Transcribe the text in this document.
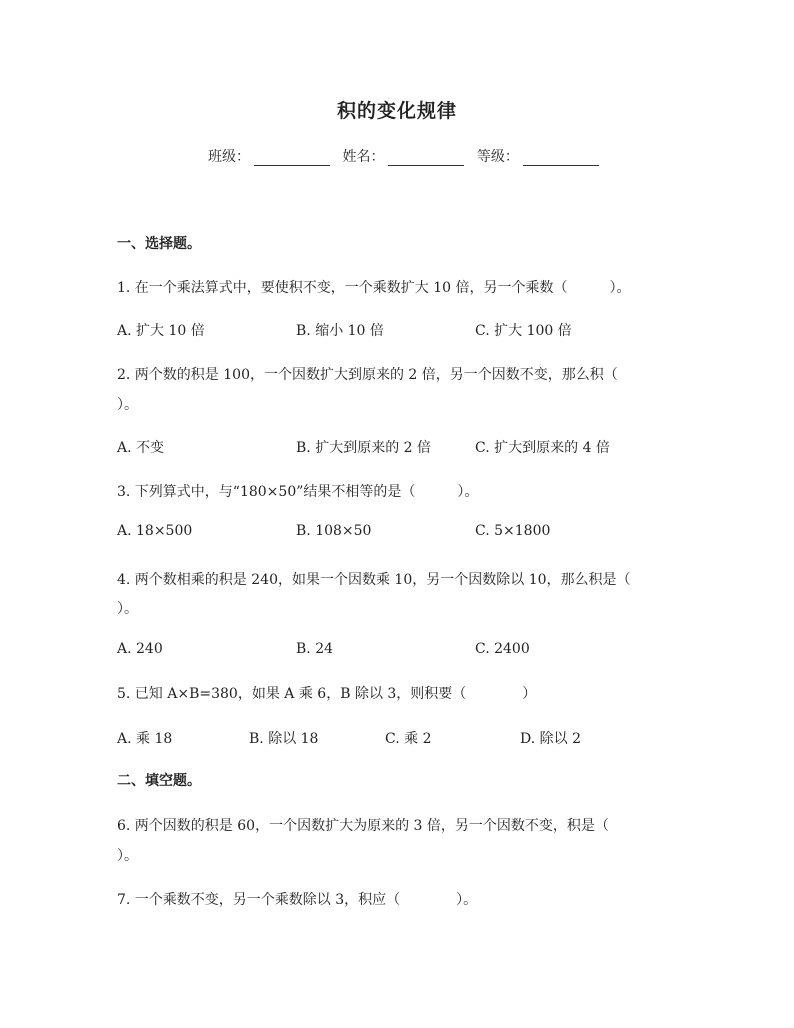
积的变化规律
班级：	姓名：	等级：
一、选择题。
1. 在一个乘法算式中，要使积不变，一个乘数扩大 10 倍，另一个乘数（　　　）。
A. 扩大 10 倍	B. 缩小 10 倍	C. 扩大 100 倍
2. 两个数的积是 100，一个因数扩大到原来的 2 倍，另一个因数不变，那么积（
）。
A. 不变	B. 扩大到原来的 2 倍	C. 扩大到原来的 4 倍
3. 下列算式中，与“180×50”结果不相等的是（　　　）。
A. 18×500	B. 108×50	C. 5×1800
4. 两个数相乘的积是 240，如果一个因数乘 10，另一个因数除以 10，那么积是（
）。
A. 240	B. 24	C. 2400
5. 已知 A×B=380，如果 A 乘 6，B 除以 3，则积要（　　　　）
A. 乘 18	B. 除以 18	C. 乘 2	D. 除以 2
二、填空题。
6. 两个因数的积是 60，一个因数扩大为原来的 3 倍，另一个因数不变，积是（
）。
7. 一个乘数不变，另一个乘数除以 3，积应（　　　　）。
